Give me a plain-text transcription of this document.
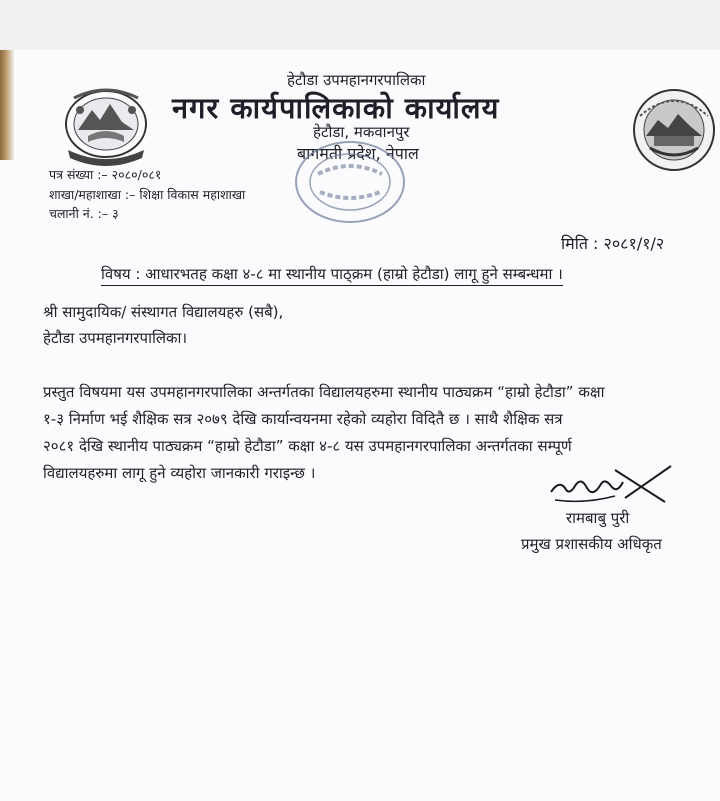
हेटौडा उपमहानगरपालिका
नगर कार्यपालिकाको कार्यालय
हेटौडा, मकवानपुर
बागमती प्रदेश, नेपाल
पत्र संख्या :– २०८०/०८१
शाखा/महाशाखा :– शिक्षा विकास महाशाखा
चलानी नं. :– ३
मिति : २०८१/१/२
विषय : आधारभतह कक्षा ४-८ मा स्थानीय पाठ्क्रम (हाम्रो हेटौडा) लागू हुने सम्बन्धमा ।
श्री सामुदायिक/ संस्थागत विद्यालयहरु (सबै),
हेटौडा उपमहानगरपालिका।
प्रस्तुत विषयमा यस उपमहानगरपालिका अन्तर्गतका विद्यालयहरुमा स्थानीय पाठ्यक्रम “हाम्रो हेटौडा” कक्षा
१-३ निर्माण भई शैक्षिक सत्र २०७९ देखि कार्यान्वयनमा रहेको व्यहोरा विदितै छ । साथै शैक्षिक सत्र
२०८१ देखि स्थानीय पाठ्यक्रम “हाम्रो हेटौडा” कक्षा ४-८ यस उपमहानगरपालिका अन्तर्गतका सम्पूर्ण
विद्यालयहरुमा लागू हुने व्यहोरा जानकारी गराइन्छ ।
रामबाबु पुरी
प्रमुख प्रशासकीय अधिकृत
